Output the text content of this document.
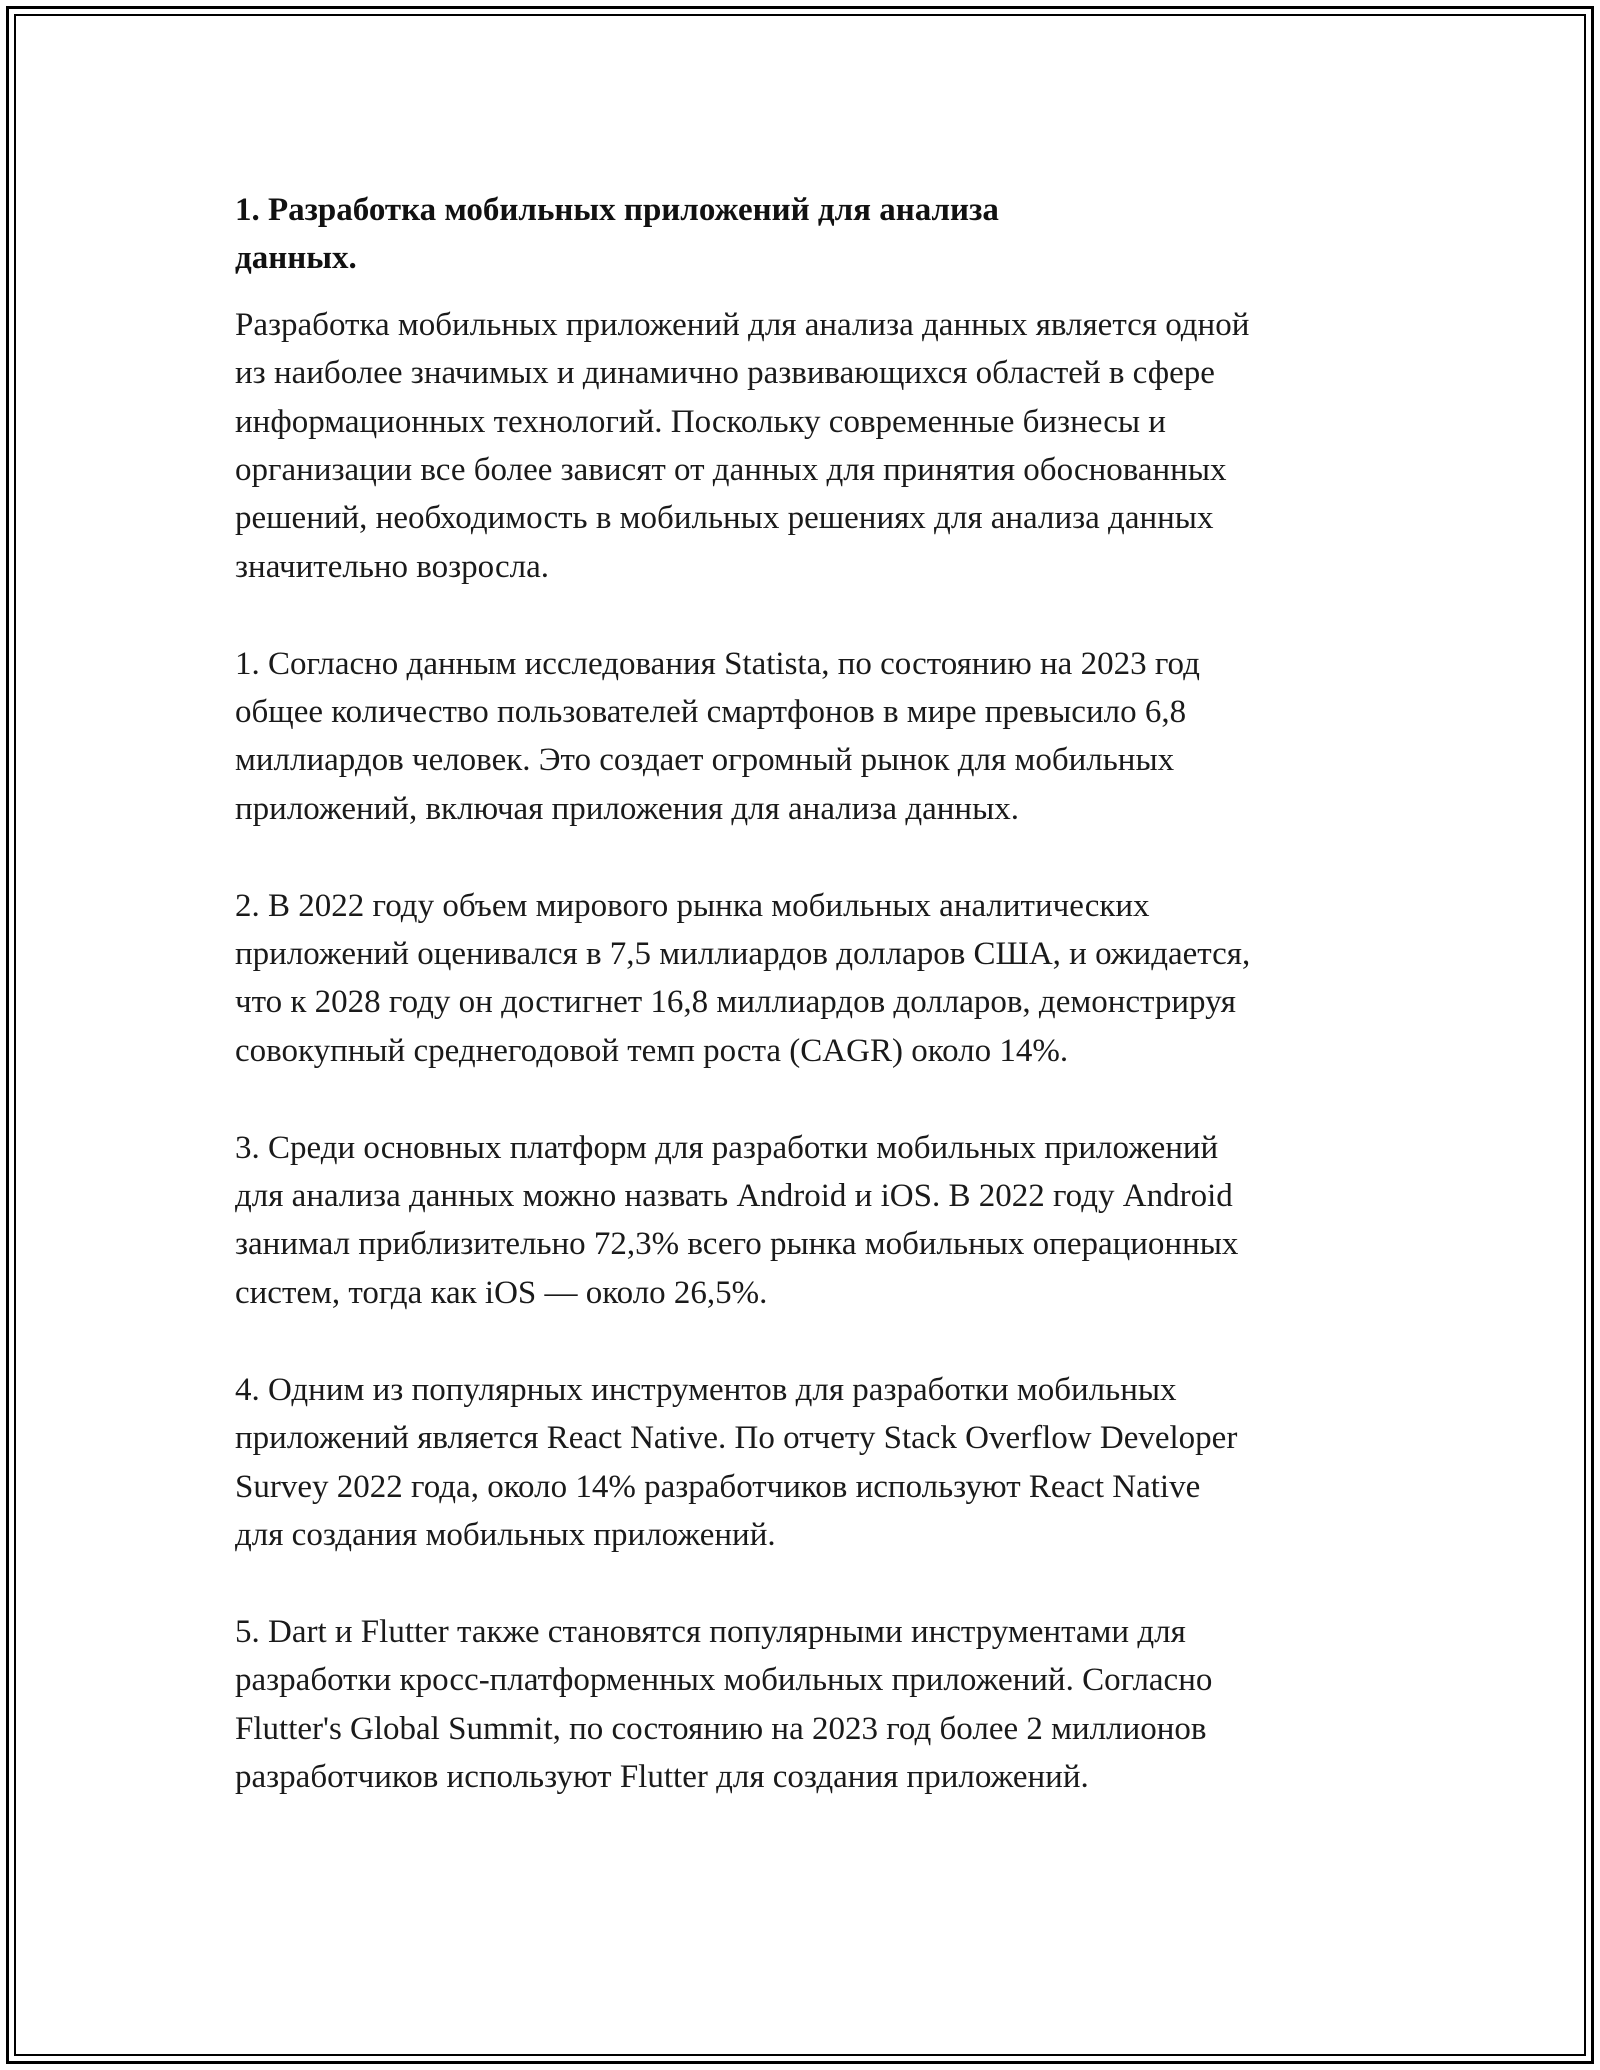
1. Разработка мобильных приложений для анализа
данных.

Разработка мобильных приложений для анализа данных является одной
из наиболее значимых и динамично развивающихся областей в сфере
информационных технологий. Поскольку современные бизнесы и
организации все более зависят от данных для принятия обоснованных
решений, необходимость в мобильных решениях для анализа данных
значительно возросла.

1. Согласно данным исследования Statista, по состоянию на 2023 год
общее количество пользователей смартфонов в мире превысило 6,8
миллиардов человек. Это создает огромный рынок для мобильных
приложений, включая приложения для анализа данных.

2. В 2022 году объем мирового рынка мобильных аналитических
приложений оценивался в 7,5 миллиардов долларов США, и ожидается,
что к 2028 году он достигнет 16,8 миллиардов долларов, демонстрируя
совокупный среднегодовой темп роста (CAGR) около 14%.

3. Среди основных платформ для разработки мобильных приложений
для анализа данных можно назвать Android и iOS. В 2022 году Android
занимал приблизительно 72,3% всего рынка мобильных операционных
систем, тогда как iOS — около 26,5%.

4. Одним из популярных инструментов для разработки мобильных
приложений является React Native. По отчету Stack Overflow Developer
Survey 2022 года, около 14% разработчиков используют React Native
для создания мобильных приложений.

5. Dart и Flutter также становятся популярными инструментами для
разработки кросс-платформенных мобильных приложений. Согласно
Flutter's Global Summit, по состоянию на 2023 год более 2 миллионов
разработчиков используют Flutter для создания приложений.
